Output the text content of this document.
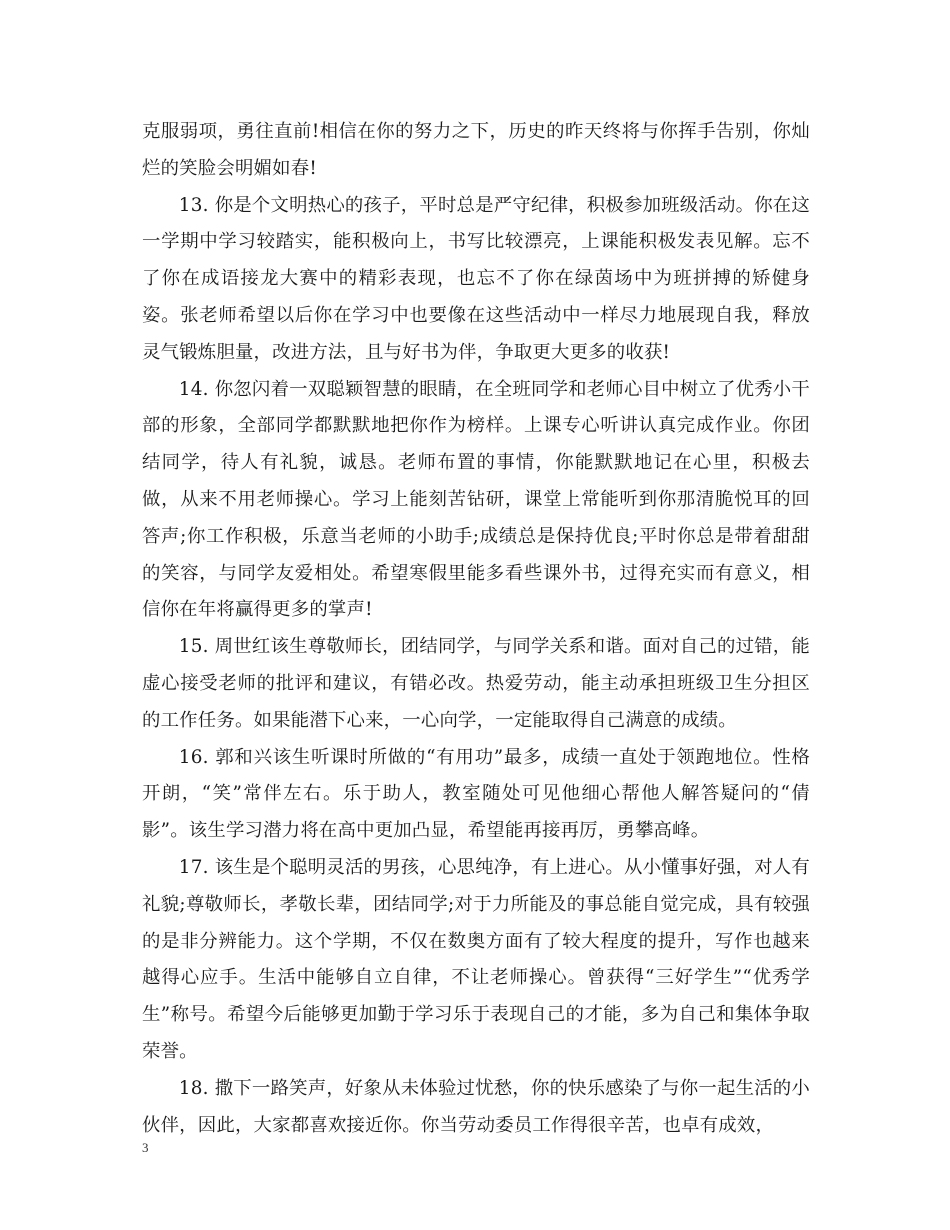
克服弱项，勇往直前!相信在你的努力之下，历史的昨天终将与你挥手告别，你灿烂的笑脸会明媚如春!

13. 你是个文明热心的孩子，平时总是严守纪律，积极参加班级活动。你在这一学期中学习较踏实，能积极向上，书写比较漂亮，上课能积极发表见解。忘不了你在成语接龙大赛中的精彩表现，也忘不了你在绿茵场中为班拼搏的矫健身姿。张老师希望以后你在学习中也要像在这些活动中一样尽力地展现自我，释放灵气锻炼胆量，改进方法，且与好书为伴，争取更大更多的收获!

14. 你忽闪着一双聪颖智慧的眼睛，在全班同学和老师心目中树立了优秀小干部的形象，全部同学都默默地把你作为榜样。上课专心听讲认真完成作业。你团结同学，待人有礼貌，诚恳。老师布置的事情，你能默默地记在心里，积极去做，从来不用老师操心。学习上能刻苦钻研，课堂上常能听到你那清脆悦耳的回答声;你工作积极，乐意当老师的小助手;成绩总是保持优良;平时你总是带着甜甜的笑容，与同学友爱相处。希望寒假里能多看些课外书，过得充实而有意义，相信你在年将赢得更多的掌声!

15. 周世红该生尊敬师长，团结同学，与同学关系和谐。面对自己的过错，能虚心接受老师的批评和建议，有错必改。热爱劳动，能主动承担班级卫生分担区的工作任务。如果能潜下心来，一心向学，一定能取得自己满意的成绩。

16. 郭和兴该生听课时所做的“有用功”最多，成绩一直处于领跑地位。性格开朗，“笑”常伴左右。乐于助人，教室随处可见他细心帮他人解答疑问的“倩影”。该生学习潜力将在高中更加凸显，希望能再接再厉，勇攀高峰。

17. 该生是个聪明灵活的男孩，心思纯净，有上进心。从小懂事好强，对人有礼貌;尊敬师长，孝敬长辈，团结同学;对于力所能及的事总能自觉完成，具有较强的是非分辨能力。这个学期，不仅在数奥方面有了较大程度的提升，写作也越来越得心应手。生活中能够自立自律，不让老师操心。曾获得“三好学生”“优秀学生”称号。希望今后能够更加勤于学习乐于表现自己的才能，多为自己和集体争取荣誉。

18. 撒下一路笑声，好象从未体验过忧愁，你的快乐感染了与你一起生活的小伙伴，因此，大家都喜欢接近你。你当劳动委员工作得很辛苦，也卓有成效，

3
